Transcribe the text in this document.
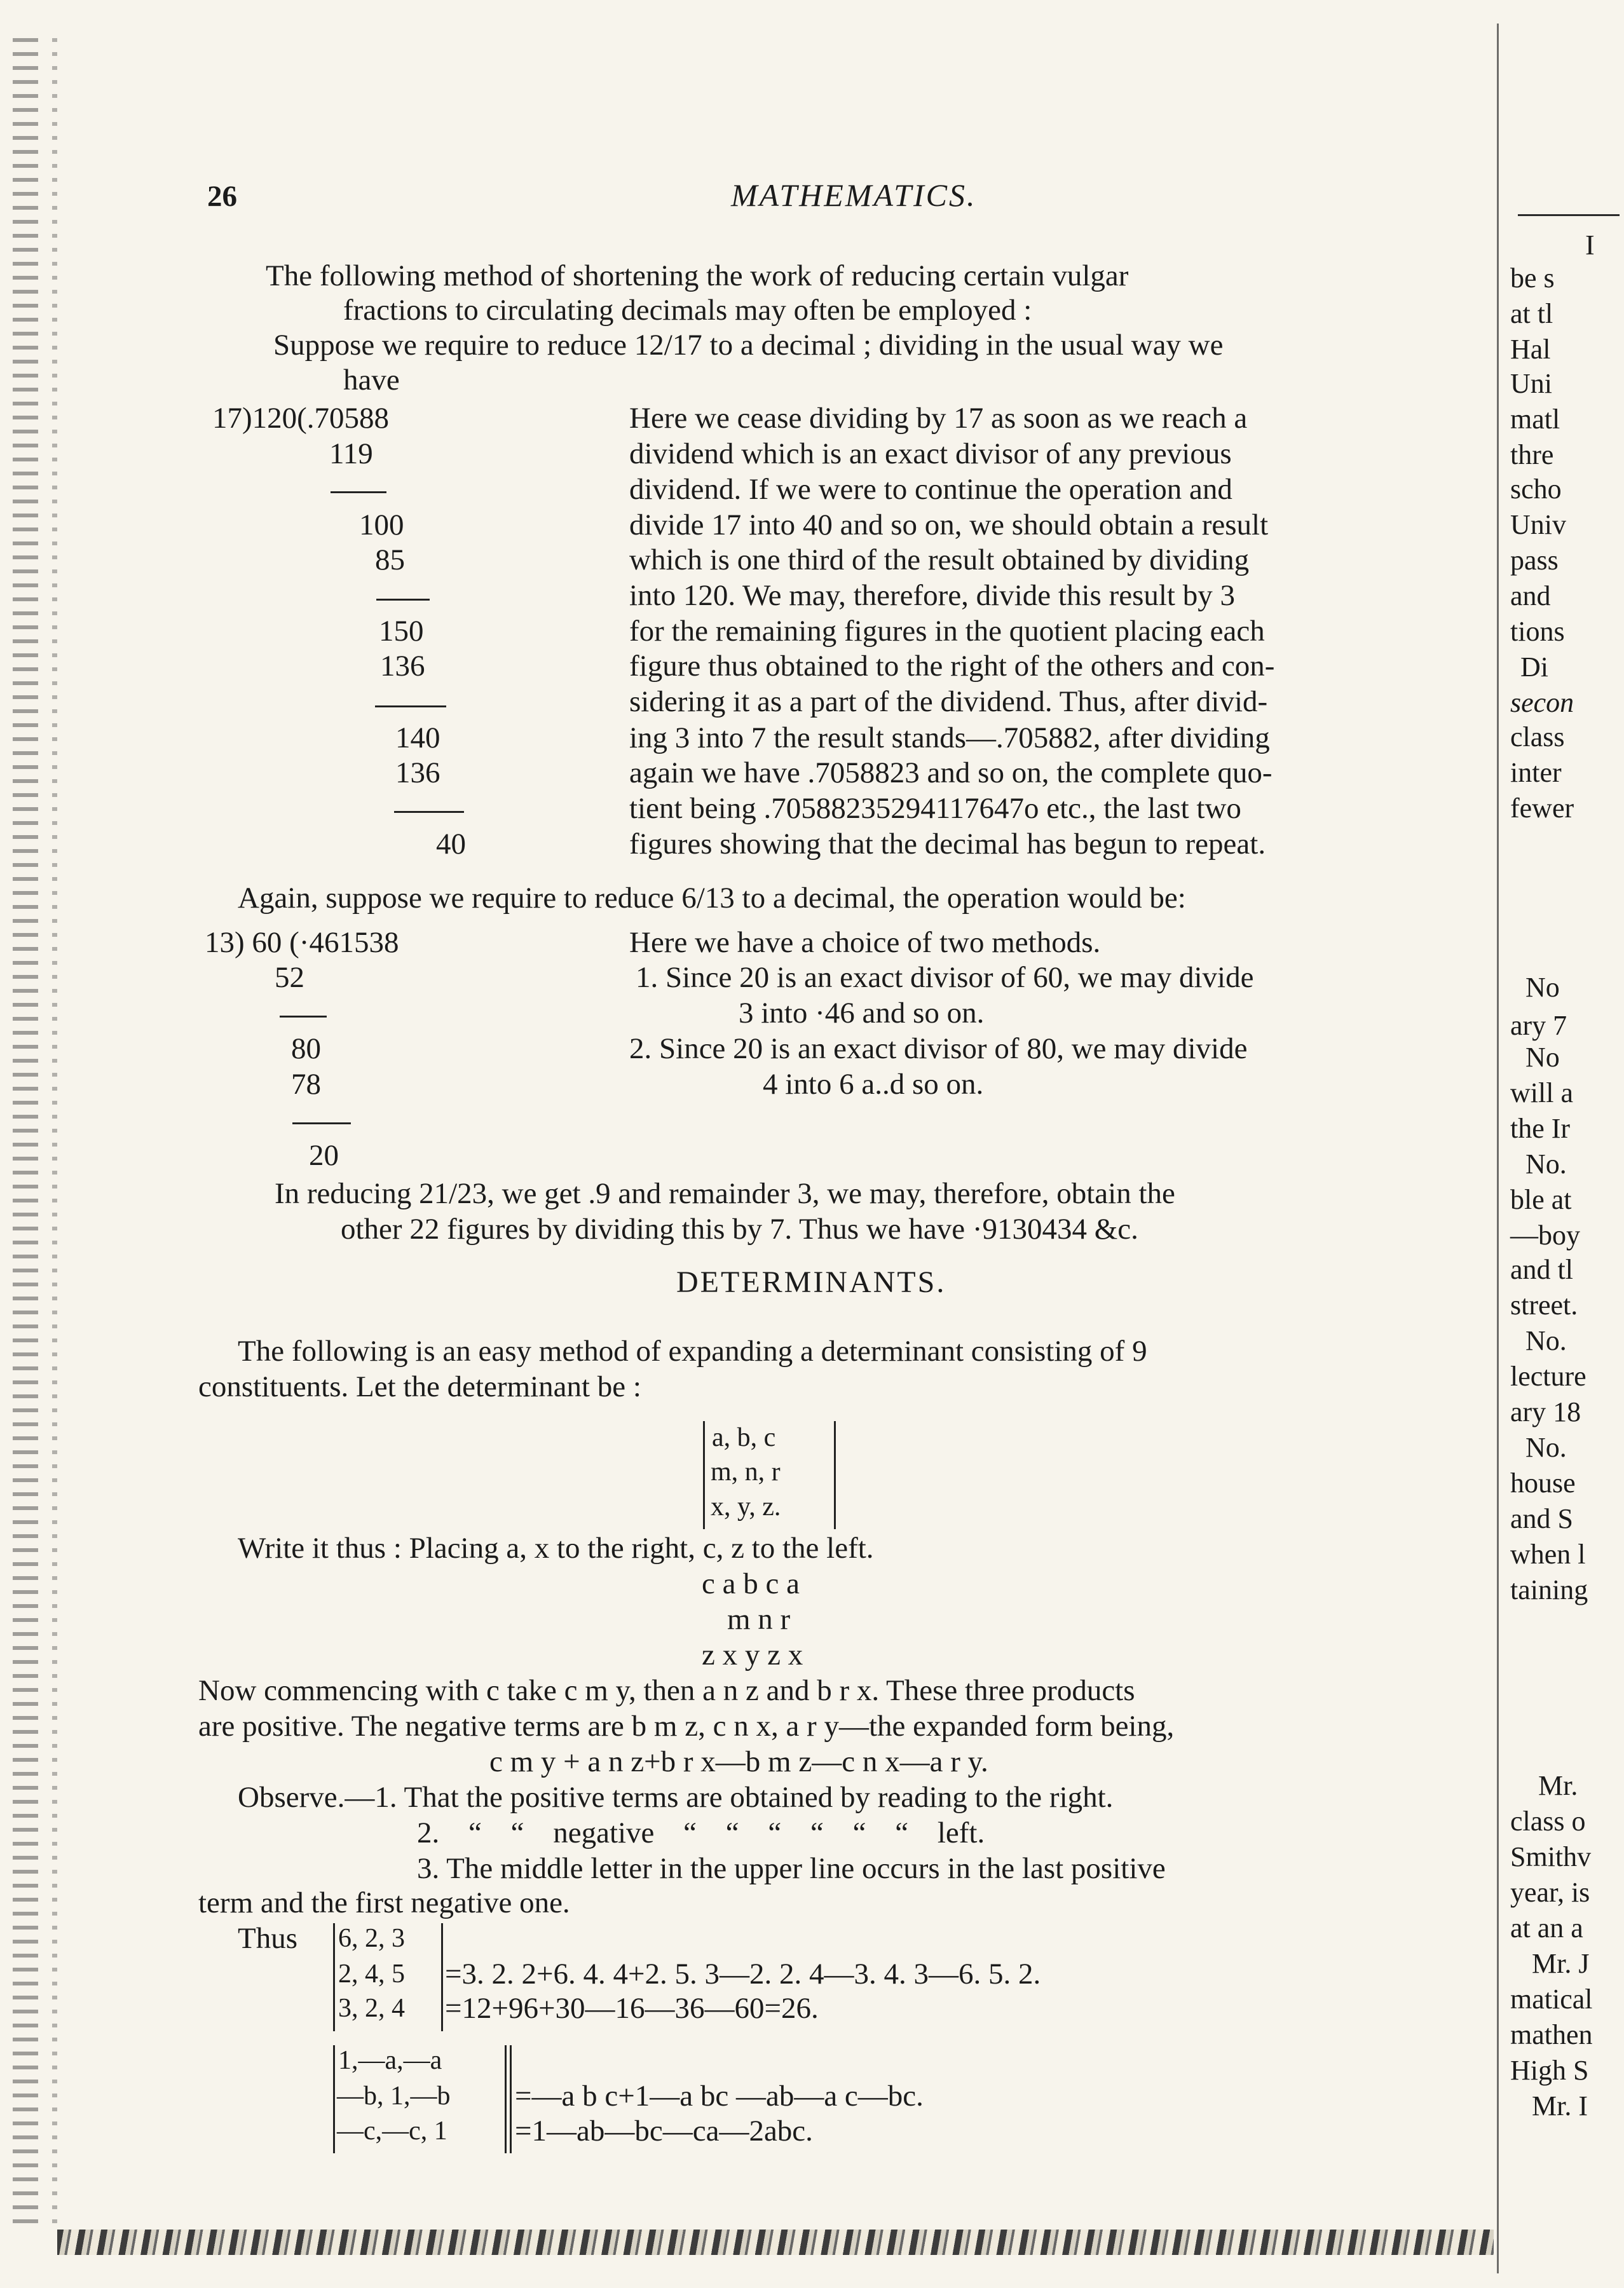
26	MATHEMATICS.
The following method of shortening the work of reducing certain vulgar
fractions to circulating decimals may often be employed :
Suppose we require to reduce 12/17 to a decimal ; dividing in the usual way we
have
17)120(.70588
119
100
85
150
136
140
136
40
Here we cease dividing by 17 as soon as we reach a
dividend which is an exact divisor of any previous
dividend. If we were to continue the operation and
divide 17 into 40 and so on, we should obtain a result
which is one third of the result obtained by dividing
into 120. We may, therefore, divide this result by 3
for the remaining figures in the quotient placing each
figure thus obtained to the right of the others and con-
sidering it as a part of the dividend. Thus, after divid-
ing 3 into 7 the result stands—.705882, after dividing
again we have .7058823 and so on, the complete quo-
tient being .70588235294117647o etc., the last two
figures showing that the decimal has begun to repeat.
Again, suppose we require to reduce 6/13 to a decimal, the operation would be:
13) 60 (·461538
52
80
78
20
Here we have a choice of two methods.
1. Since 20 is an exact divisor of 60, we may divide
3 into ·46 and so on.
2. Since 20 is an exact divisor of 80, we may divide
4 into 6 a..d so on.
In reducing 21/23, we get .9 and remainder 3, we may, therefore, obtain the
other 22 figures by dividing this by 7. Thus we have ·9130434 &c.
DETERMINANTS.
The following is an easy method of expanding a determinant consisting of 9
constituents. Let the determinant be :
a, b, c
m, n, r
x, y, z.
Write it thus : Placing a, x to the right, c, z to the left.
c a b c a
m n r
z x y z x
Now commencing with c take c m y, then a n z and b r x. These three products
are positive. The negative terms are b m z, c n x, a r y—the expanded form being,
c m y + a n z+b r x—b m z—c n x—a r y.
Observe.—1. That the positive terms are obtained by reading to the right.
2. “ “ negative “ “ “ “ “ “ left.
3. The middle letter in the upper line occurs in the last positive
term and the first negative one.
Thus 6, 2, 3
2, 4, 5
3, 2, 4
=3. 2. 2+6. 4. 4+2. 5. 3—2. 2. 4—3. 4. 3—6. 5. 2.
=12+96+30—16—36—60=26.
1,—a,—a
—b, 1,—b
—c,—c, 1
=—a b c+1—a bc —ab—a c—bc.
=1—ab—bc—ca—2abc.
I
be s
at tl
Hal
Uni
matl
thre
scho
Univ
pass
and
tions
Di
secon
class
inter
fewer
No
ary 7
No
will a
the Ir
No.
ble at
—boy
and tl
street.
No.
lecture
ary 18
No.
house
and S
when l
taining
Mr.
class o
Smithv
year, is
at an a
Mr. J
matical
mathen
High S
Mr. I
